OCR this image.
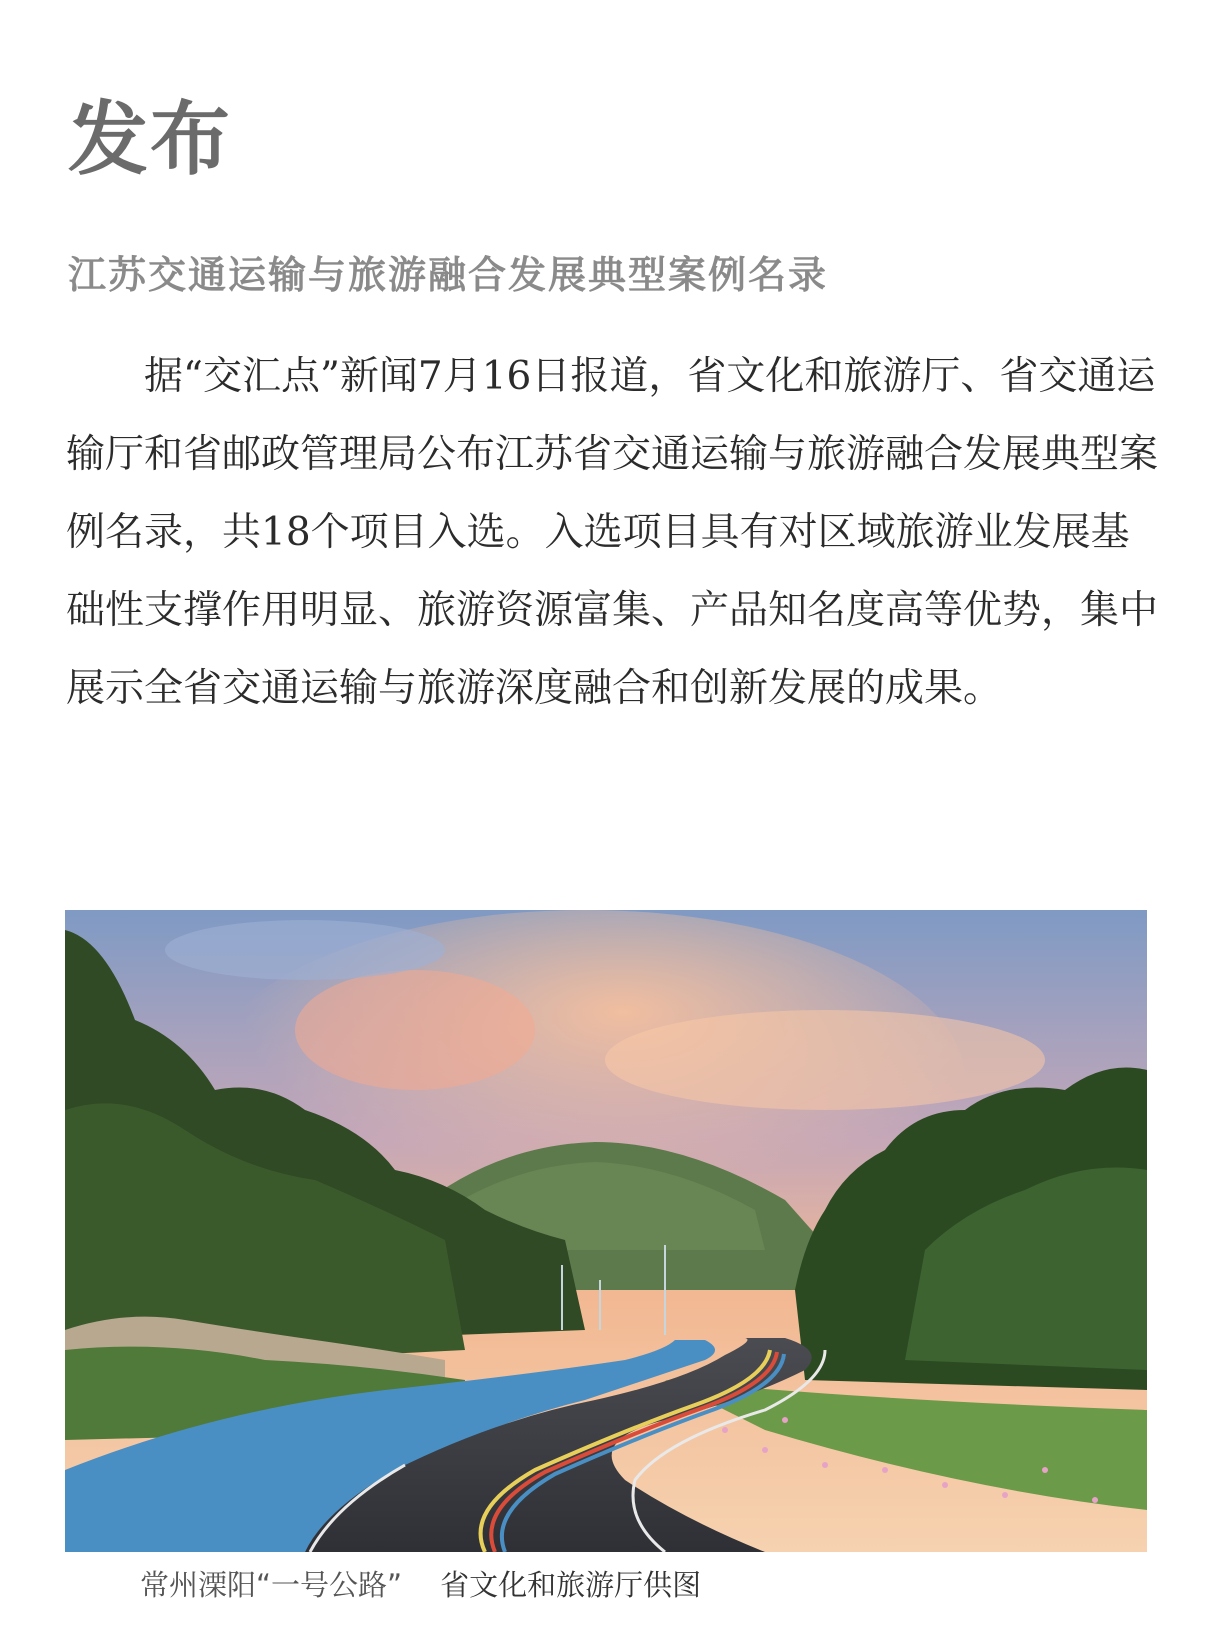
发布
江苏交通运输与旅游融合发展典型案例名录

据“交汇点”新闻7月16日报道，省文化和旅游厅、省交通运输厅和省邮政管理局公布江苏省交通运输与旅游融合发展典型案例名录，共18个项目入选。入选项目具有对区域旅游业发展基础性支撑作用明显、旅游资源富集、产品知名度高等优势，集中展示全省交通运输与旅游深度融合和创新发展的成果。

常州溧阳“一号公路” 省文化和旅游厅供图
